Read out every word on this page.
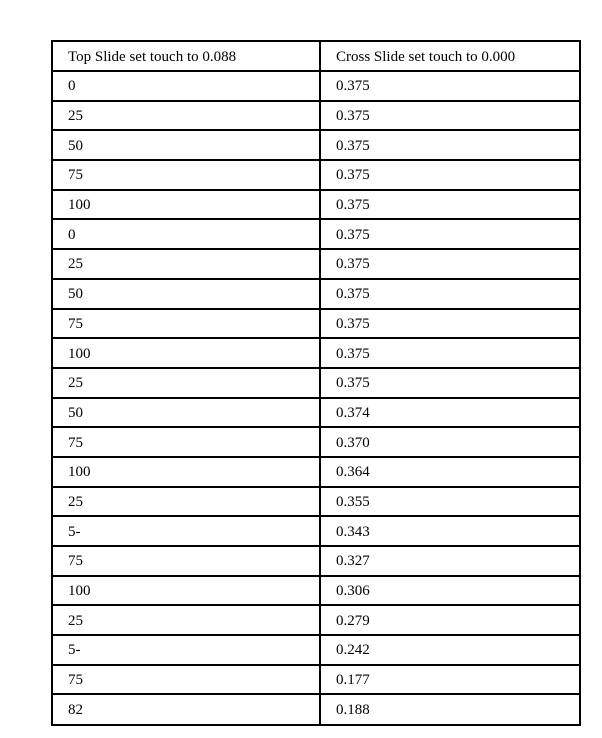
Top Slide set touch to 0.088	Cross Slide set touch to 0.000
0	0.375
25	0.375
50	0.375
75	0.375
100	0.375
0	0.375
25	0.375
50	0.375
75	0.375
100	0.375
25	0.375
50	0.374
75	0.370
100	0.364
25	0.355
5-	0.343
75	0.327
100	0.306
25	0.279
5-	0.242
75	0.177
82	0.188
